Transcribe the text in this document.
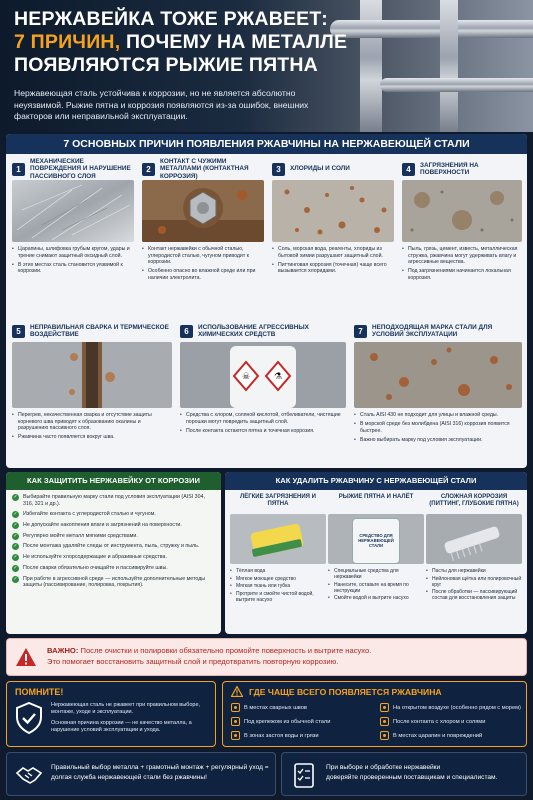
НЕРЖАВЕЙКА ТОЖЕ РЖАВЕЕТ:
7 ПРИЧИН, ПОЧЕМУ НА МЕТАЛЛЕ
ПОЯВЛЯЮТСЯ РЫЖИЕ ПЯТНА
Нержавеющая сталь устойчива к коррозии, но не является абсолютно неуязвимой. Рыжие пятна и коррозия появляются из-за ошибок, внешних факторов или неправильной эксплуатации.
7 ОСНОВНЫХ ПРИЧИН ПОЯВЛЕНИЯ РЖАВЧИНЫ НА НЕРЖАВЕЮЩЕЙ СТАЛИ
1
МЕХАНИЧЕСКИЕ ПОВРЕЖДЕНИЯ И НАРУШЕНИЕ ПАССИВНОГО СЛОЯ
• Царапины, шлифовка грубым кругом, удары и трение снимают защитный оксидный слой.
• В этих местах сталь становится уязвимой к коррозии.
2
КОНТАКТ С ЧУЖИМИ МЕТАЛЛАМИ (КОНТАКТНАЯ КОРРОЗИЯ)
• Контакт нержавейки с обычной сталью, углеродистой сталью, чугуном приводит к коррозии.
• Особенно опасно во влажной среде или при наличии электролита.
3	ХЛОРИДЫ И СОЛИ
• Соль, морская вода, реагенты, хлориды из бытовой химии разрушают защитный слой.
• Питтинговая коррозия (точечная) чаще всего вызывается хлоридами.
4	ЗАГРЯЗНЕНИЯ НА ПОВЕРХНОСТИ
• Пыль, грязь, цемент, известь, металлическая стружка, ржавчина могут удерживать влагу и агрессивные вещества.
• Под загрязнениями начинается локальная коррозия.
5	НЕПРАВИЛЬНАЯ СВАРКА И ТЕРМИЧЕСКОЕ ВОЗДЕЙСТВИЕ
• Перегрев, некачественная сварка и отсутствие защиты корневого шва приводят к образованию окалины и разрушению пассивного слоя.
• Ржавчина часто появляется вокруг шва.
6	ИСПОЛЬЗОВАНИЕ АГРЕССИВНЫХ ХИМИЧЕСКИХ СРЕДСТВ
☠	⚗
• Средства с хлором, соляной кислотой, отбеливатели, чистящие порошки могут повредить защитный слой.
• После контакта остаются пятна и точечная коррозия.
7	НЕПОДХОДЯЩАЯ МАРКА СТАЛИ ДЛЯ УСЛОВИЙ ЭКСПЛУАТАЦИИ
• Сталь AISI 430 не подходит для улицы и влажной среды.
• В морской среде без молибдена (AISI 316) коррозия появится быстрее.
• Важно выбирать марку под условия эксплуатации.
КАК ЗАЩИТИТЬ НЕРЖАВЕЙКУ ОТ КОРРОЗИИ
✓ Выбирайте правильную марку стали под условия эксплуатации (AISI 304, 316, 321 и др.).
✓ Избегайте контакта с углеродистой сталью и чугуном.
✓ Не допускайте накопления влаги и загрязнений на поверхности.
✓ Регулярно мойте металл мягкими средствами.
✓ После монтажа удаляйте следы от инструмента, пыль, стружку и пыль.
✓ Не используйте хлорсодержащие и абразивные средства.
✓ После сварки обязательно очищайте и пассивируйте швы.
✓ При работе в агрессивной среде — используйте дополнительные методы защиты (пассивирование, полировка, покрытия).
КАК УДАЛИТЬ РЖАВЧИНУ С НЕРЖАВЕЮЩЕЙ СТАЛИ
ЛЁГКИЕ ЗАГРЯЗНЕНИЯ И ПЯТНА
• Тёплая вода
• Мягкое моющее средство
• Мягкая ткань или губка
• Протрите и смойте чистой водой, вытрите насухо
РЫЖИЕ ПЯТНА И НАЛЁТ
СРЕДСТВО ДЛЯ НЕРЖАВЕЮЩЕЙ СТАЛИ
• Специальные средства для нержавейки
• Нанесите, оставьте на время по инструкции
• Смойте водой и вытрите насухо
СЛОЖНАЯ КОРРОЗИЯ (ПИТТИНГ, ГЛУБОКИЕ ПЯТНА)
• Пасты для нержавейки
• Нейлоновая щётка или полировочный круг
• После обработки — пассивирующий состав для восстановления защиты
ВАЖНО: После очистки и полировки обязательно промойте поверхность и вытрите насухо.
Это помогает восстановить защитный слой и предотвратить повторную коррозию.
ПОМНИТЕ!
Нержавеющая сталь не ржавеет при правильном выборе, монтаже, уходе и эксплуатации.
Основная причина коррозии — не качество металла, а нарушение условий эксплуатации и ухода.
ГДЕ ЧАЩЕ ВСЕГО ПОЯВЛЯЕТСЯ РЖАВЧИНА
В местах сварных швов	На открытом воздухе (особенно рядом с морем)
Под крепежом из обычной стали	После контакта с хлором и солями
В зонах застоя воды и грязи	В местах царапин и повреждений
Правильный выбор металла + грамотный монтаж + регулярный уход =
долгая служба нержавеющей стали без ржавчины!
При выборе и обработке нержавейки
доверяйте проверенным поставщикам и специалистам.
